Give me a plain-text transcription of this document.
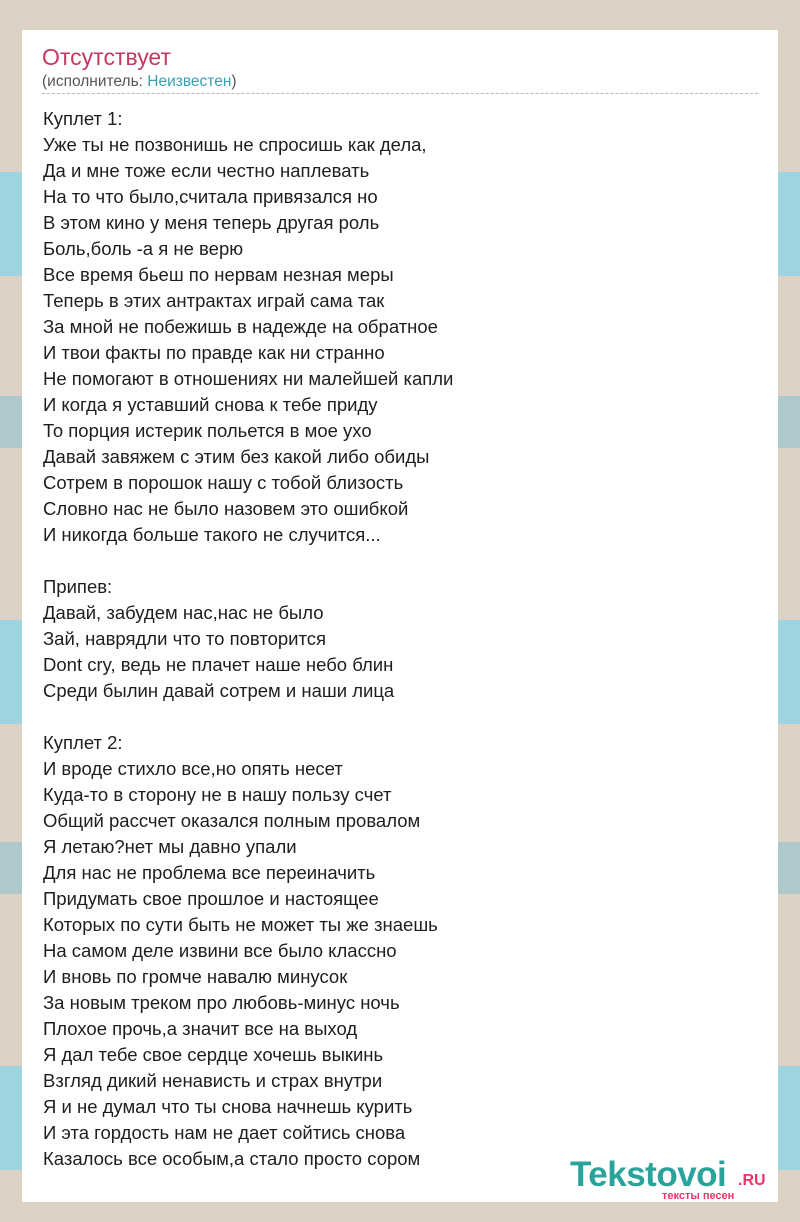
Отсутствует
(исполнитель: Неизвестен)
Куплет 1:
Уже ты не позвонишь не спросишь как дела,
Да и мне тоже если честно наплевать
На то что было,считала привязался но
В этом кино у меня теперь другая роль
Боль,боль -а я не верю
Все время бьеш по нервам незная меры
Теперь в этих антрактах играй сама так
За мной не побежишь в надежде на обратное
И твои факты по правде как ни странно
Не помогают в отношениях ни малейшей капли
И когда я уставший снова к тебе приду
То порция истерик польется в мое ухо
Давай завяжем с этим без какой либо обиды
Сотрем в порошок нашу с тобой близость
Словно нас не было назовем это ошибкой
И никогда больше такого не случится...
Припев:
Давай, забудем нас,нас не было
Зай, наврядли что то повторится
Dont cry, ведь не плачет наше небо блин
Среди былин давай сотрем и наши лица
Куплет 2:
И вроде стихло все,но опять несет
Куда-то в сторону не в нашу пользу счет
Общий рассчет оказался полным провалом
Я летаю?нет мы давно упали
Для нас не проблема все переиначить
Придумать свое прошлое и настоящее
Которых по сути быть не может ты же знаешь
На самом деле извини все было классно
И вновь по громче навалю минусок
За новым треком про любовь-минус ночь
Плохое прочь,а значит все на выход
Я дал тебе свое сердце хочешь выкинь
Взгляд дикий ненависть и страх внутри
Я и не думал что ты снова начнешь курить
И эта гордость нам не дает сойтись снова
Казалось все особым,а стало просто сором	Tekstovoi .RU
тексты песен
